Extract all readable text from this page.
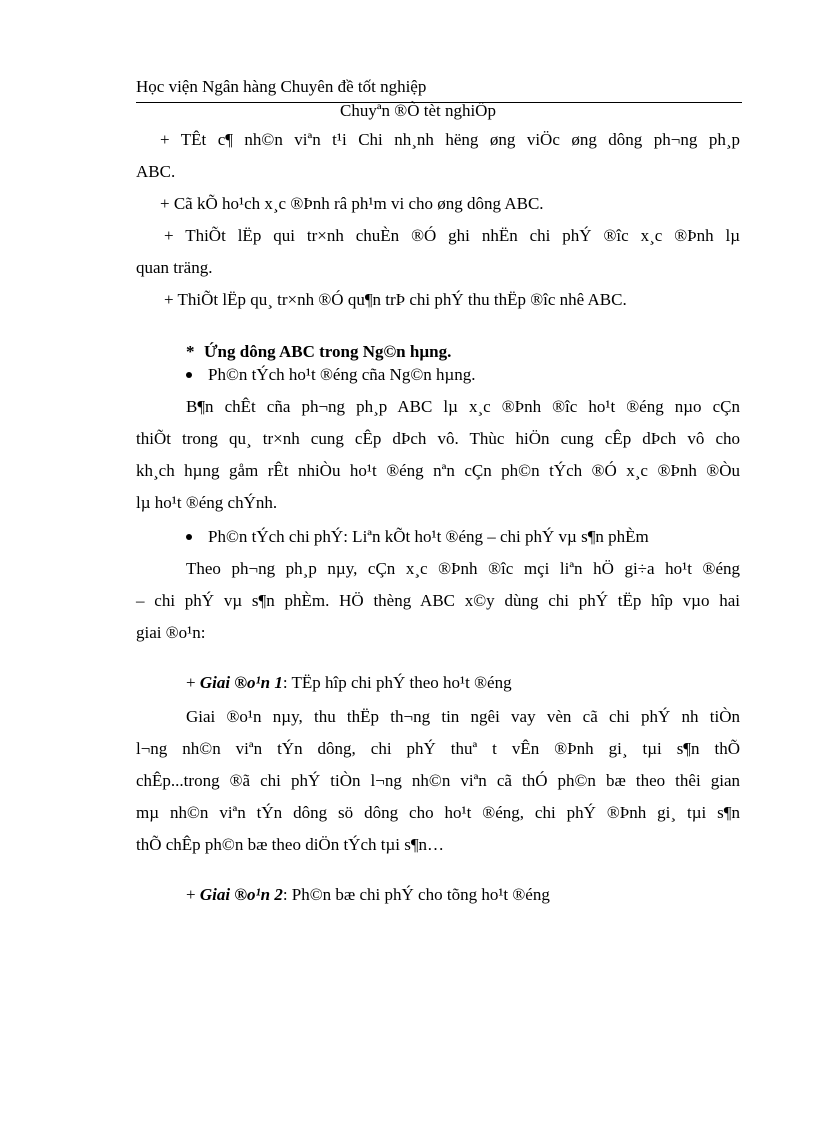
Học viện Ngân hàng Chuyên đề tốt nghiệp
Chuyªn ®Ò tèt nghiÖp
+ TÊt c¶ nh©n viªn t¹i Chi nh¸nh hëng øng viÖc øng dông ph¬ng ph¸p
ABC.
+ Cã kÕ ho¹ch x¸c ®Þnh râ ph¹m vi cho øng dông ABC.
+ ThiÕt lËp qui tr×nh chuÈn ®Ó ghi nhËn chi phÝ ®îc x¸c ®Þnh lµ
quan träng.
+ ThiÕt lËp qu¸ tr×nh ®Ó qu¶n trÞ chi phÝ thu thËp ®îc nhê ABC.
* Ứng dông ABC trong Ng©n hµng.
Ph©n tÝch ho¹t ®éng cña Ng©n hµng.
B¶n chÊt cña ph¬ng ph¸p ABC lµ x¸c ®Þnh ®îc ho¹t ®éng nµo cÇn
thiÕt trong qu¸ tr×nh cung cÊp dÞch vô. Thùc hiÖn cung cÊp dÞch vô cho
kh¸ch hµng gåm rÊt nhiÒu ho¹t ®éng nªn cÇn ph©n tÝch ®Ó x¸c ®Þnh ®Òu
lµ ho¹t ®éng chÝnh.
Ph©n tÝch chi phÝ: Liªn kÕt ho¹t ®éng – chi phÝ vµ s¶n phÈm
Theo ph¬ng ph¸p nµy, cÇn x¸c ®Þnh ®îc mçi liªn hÖ gi÷a ho¹t ®éng
– chi phÝ vµ s¶n phÈm. HÖ thèng ABC x©y dùng chi phÝ tËp hîp vµo hai
giai ®o¹n:
+ Giai ®o¹n 1: TËp hîp chi phÝ theo ho¹t ®éng
Giai ®o¹n nµy, thu thËp th¬ng tin ngêi vay vèn cã chi phÝ nh tiÒn
l¬ng nh©n viªn tÝn dông, chi phÝ thuª t vÊn ®Þnh gi¸ tµi s¶n thÕ
chÊp...trong ®ã chi phÝ tiÒn l¬ng nh©n viªn cã thÓ ph©n bæ theo thêi gian
mµ nh©n viªn tÝn dông sö dông cho ho¹t ®éng, chi phÝ ®Þnh gi¸ tµi s¶n
thÕ chÊp ph©n bæ theo diÖn tÝch tµi s¶n…
+ Giai ®o¹n 2: Ph©n bæ chi phÝ cho tõng ho¹t ®éng
